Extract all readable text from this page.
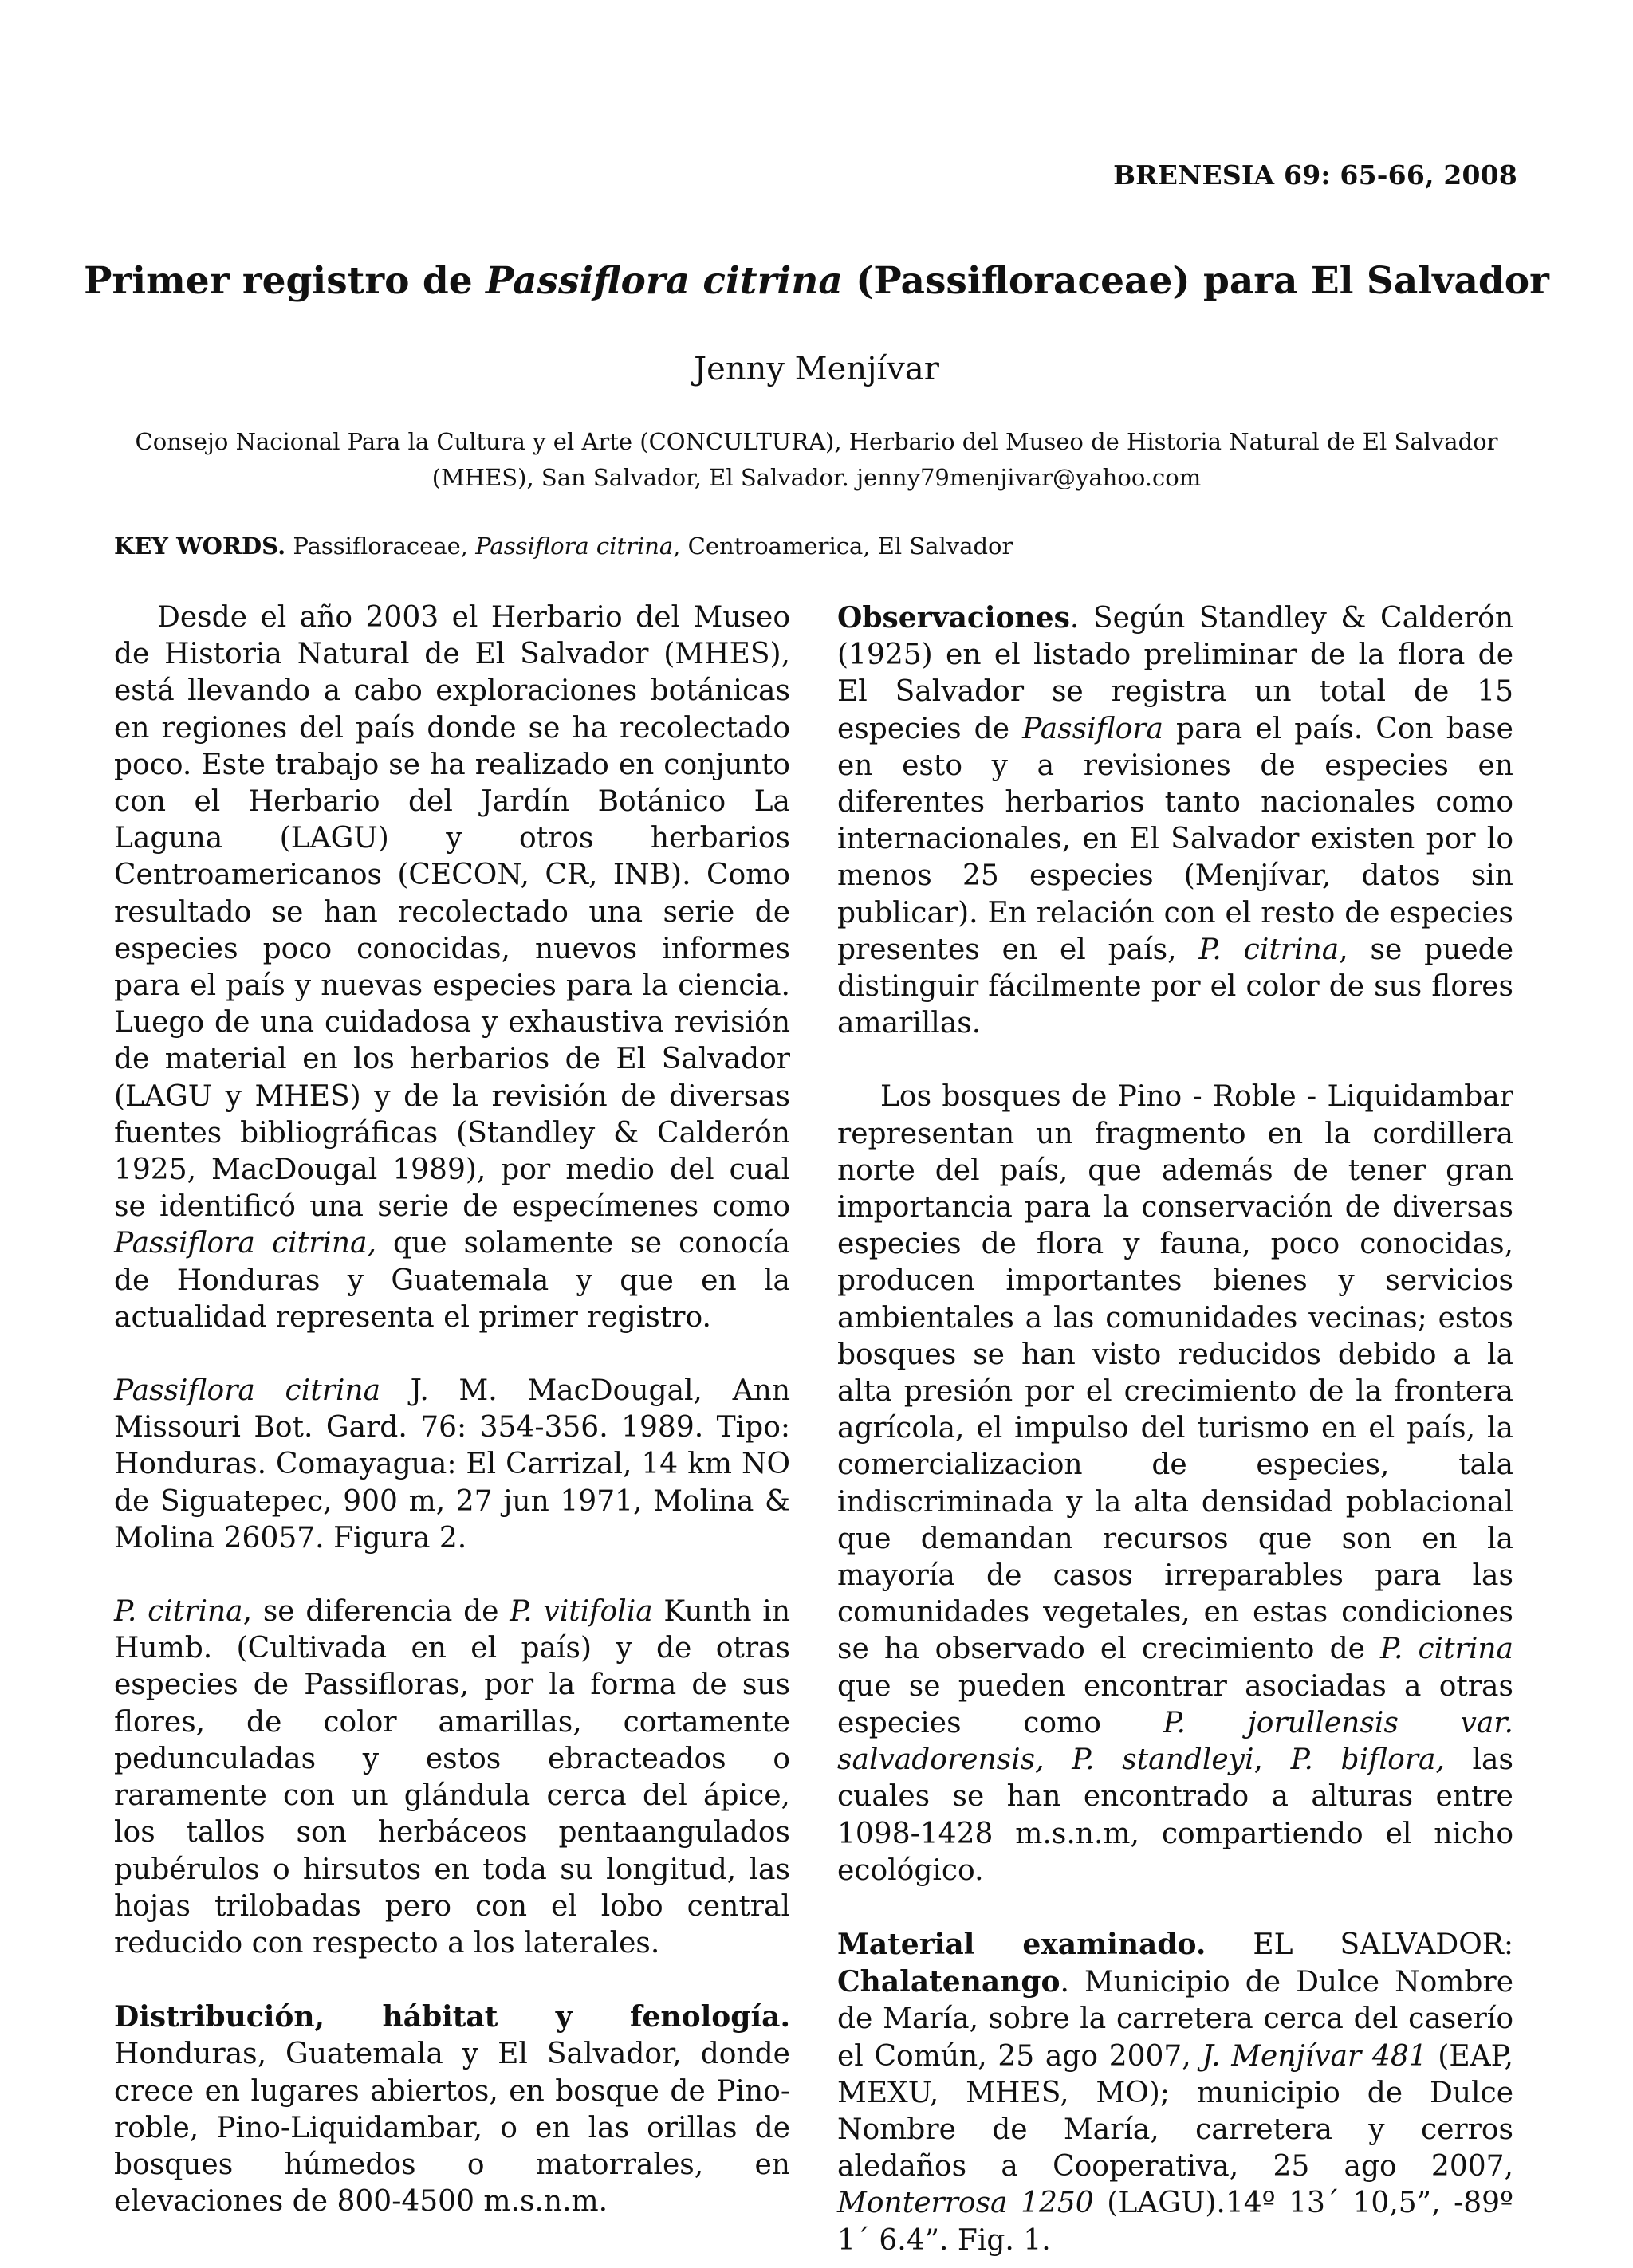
BRENESIA 69: 65-66, 2008
Primer registro de Passiflora citrina (Passifloraceae) para El Salvador
Jenny Menjívar
Consejo Nacional Para la Cultura y el Arte (CONCULTURA), Herbario del Museo de Historia Natural de El Salvador
(MHES), San Salvador, El Salvador. jenny79menjivar@yahoo.com
KEY WORDS. Passifloraceae, Passiflora citrina, Centroamerica, El Salvador

Desde el año 2003 el Herbario del Museo de Historia Natural de El Salvador (MHES), está llevando a cabo exploraciones botánicas en regiones del país donde se ha recolectado poco. Este trabajo se ha realizado en conjunto con el Herbario del Jardín Botánico La Laguna (LAGU) y otros herbarios Centroamericanos (CECON, CR, INB). Como resultado se han recolectado una serie de especies poco conocidas, nuevos informes para el país y nuevas especies para la ciencia. Luego de una cuidadosa y exhaustiva revisión de material en los herbarios de El Salvador (LAGU y MHES) y de la revisión de diversas fuentes bibliográficas (Standley & Calderón 1925, MacDougal 1989), por medio del cual se identificó una serie de especímenes como Passiflora citrina, que solamente se conocía de Honduras y Guatemala y que en la actualidad representa el primer registro.

Passiflora citrina J. M. MacDougal, Ann Missouri Bot. Gard. 76: 354-356. 1989. Tipo: Honduras. Comayagua: El Carrizal, 14 km NO de Siguatepec, 900 m, 27 jun 1971, Molina & Molina 26057. Figura 2.

P. citrina, se diferencia de P. vitifolia Kunth in Humb. (Cultivada en el país) y de otras especies de Passifloras, por la forma de sus flores, de color amarillas, cortamente pedunculadas y estos ebracteados o raramente con un glándula cerca del ápice, los tallos son herbáceos pentaangulados pubérulos o hirsutos en toda su longitud, las hojas trilobadas pero con el lobo central reducido con respecto a los laterales.

Distribución, hábitat y fenología. Honduras, Guatemala y El Salvador, donde crece en lugares abiertos, en bosque de Pino-roble, Pino-Liquidambar, o en las orillas de bosques húmedos o matorrales, en elevaciones de 800-4500 m.s.n.m.

Observaciones. Según Standley & Calderón (1925) en el listado preliminar de la flora de El Salvador se registra un total de 15 especies de Passiflora para el país. Con base en esto y a revisiones de especies en diferentes herbarios tanto nacionales como internacionales, en El Salvador existen por lo menos 25 especies (Menjívar, datos sin publicar). En relación con el resto de especies presentes en el país, P. citrina, se puede distinguir fácilmente por el color de sus flores amarillas.

Los bosques de Pino - Roble - Liquidambar representan un fragmento en la cordillera norte del país, que además de tener gran importancia para la conservación de diversas especies de flora y fauna, poco conocidas, producen importantes bienes y servicios ambientales a las comunidades vecinas; estos bosques se han visto reducidos debido a la alta presión por el crecimiento de la frontera agrícola, el impulso del turismo en el país, la comercializacion de especies, tala indiscriminada y la alta densidad poblacional que demandan recursos que son en la mayoría de casos irreparables para las comunidades vegetales, en estas condiciones se ha observado el crecimiento de P. citrina que se pueden encontrar asociadas a otras especies como P. jorullensis var. salvadorensis, P. standleyi, P. biflora, las cuales se han encontrado a alturas entre 1098-1428 m.s.n.m, compartiendo el nicho ecológico.

Material examinado. EL SALVADOR: Chalatenango. Municipio de Dulce Nombre de María, sobre la carretera cerca del caserío el Común, 25 ago 2007, J. Menjívar 481 (EAP, MEXU, MHES, MO); municipio de Dulce Nombre de María, carretera y cerros aledaños a Cooperativa, 25 ago 2007, Monterrosa 1250 (LAGU).14º 13´ 10,5”, -89º 1´ 6.4”. Fig. 1.
